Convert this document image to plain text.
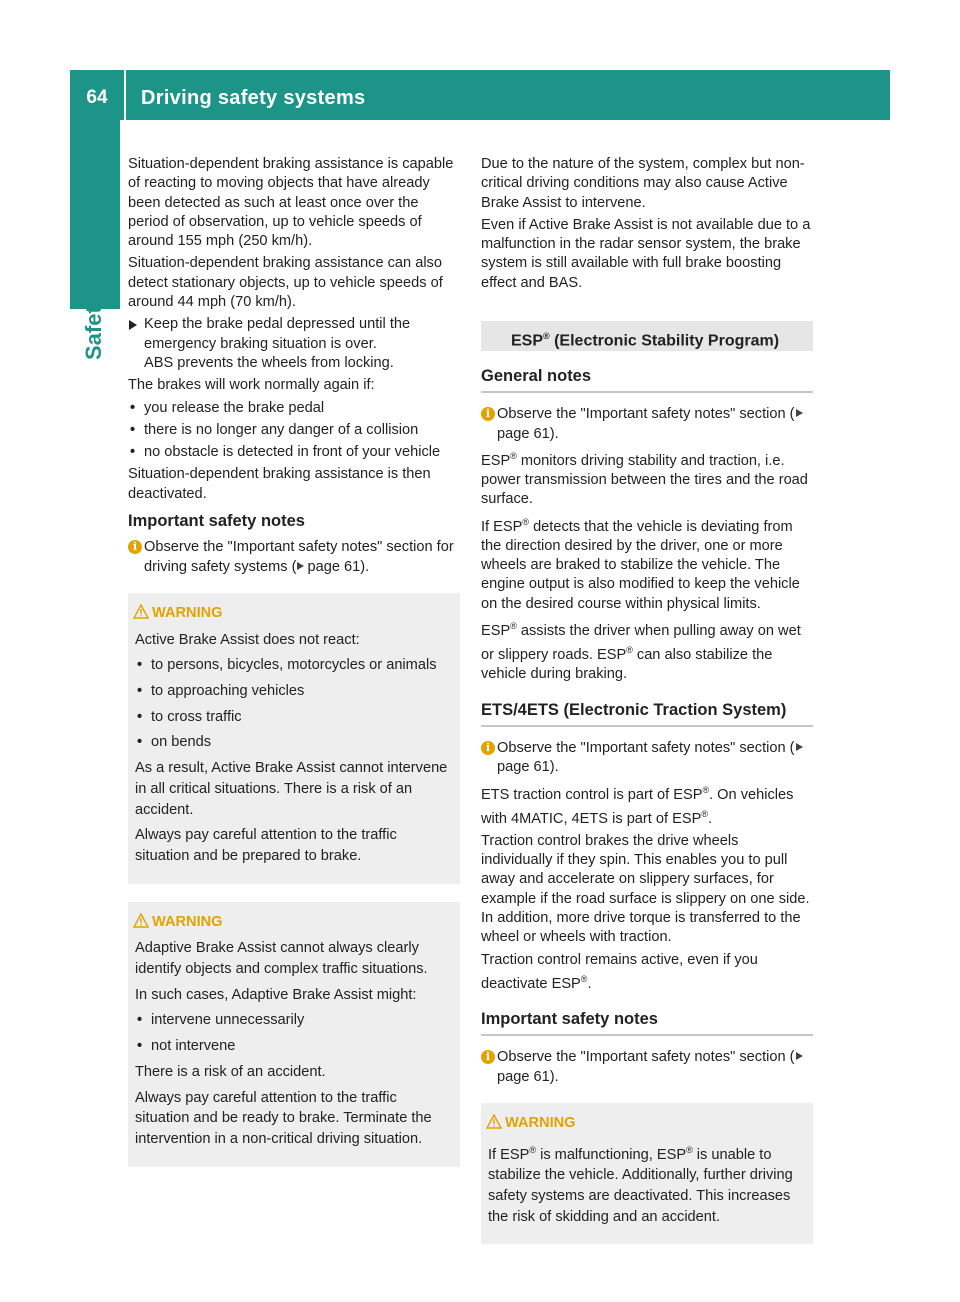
64	Driving safety systems
Safety

Situation-dependent braking assistance is capable of reacting to moving objects that have already been detected as such at least once over the period of observation, up to vehicle speeds of around 155 mph (250 km/h).

Situation-dependent braking assistance can also detect stationary objects, up to vehicle speeds of around 44 mph (70 km/h).

Keep the brake pedal depressed until the emergency braking situation is over.
ABS prevents the wheels from locking.

The brakes will work normally again if:

• you release the brake pedal
• there is no longer any danger of a collision
• no obstacle is detected in front of your vehicle

Situation-dependent braking assistance is then deactivated.

Important safety notes
i Observe the "Important safety notes" section for driving safety systems ( page 61).
WARNING

Active Brake Assist does not react:

• to persons, bicycles, motorcycles or animals
• to approaching vehicles
• to cross traffic
• on bends

As a result, Active Brake Assist cannot intervene in all critical situations. There is a risk of an accident.

Always pay careful attention to the traffic situation and be prepared to brake.

WARNING

Adaptive Brake Assist cannot always clearly identify objects and complex traffic situations.

In such cases, Adaptive Brake Assist might:

• intervene unnecessarily
• not intervene

There is a risk of an accident.

Always pay careful attention to the traffic situation and be ready to brake. Terminate the intervention in a non-critical driving situation.

Due to the nature of the system, complex but non-critical driving conditions may also cause Active Brake Assist to intervene.

Even if Active Brake Assist is not available due to a malfunction in the radar sensor system, the brake system is still available with full brake boosting effect and BAS.

ESP® (Electronic Stability Program)
General notes
i Observe the "Important safety notes" section (page 61).

ESP® monitors driving stability and traction, i.e. power transmission between the tires and the road surface.

If ESP® detects that the vehicle is deviating from the direction desired by the driver, one or more wheels are braked to stabilize the vehicle. The engine output is also modified to keep the vehicle on the desired course within physical limits.

ESP® assists the driver when pulling away on wet or slippery roads. ESP® can also stabilize the vehicle during braking.

ETS/4ETS (Electronic Traction System)
i Observe the "Important safety notes" section (page 61).

ETS traction control is part of ESP®. On vehicles with 4MATIC, 4ETS is part of ESP®.

Traction control brakes the drive wheels individually if they spin. This enables you to pull away and accelerate on slippery surfaces, for example if the road surface is slippery on one side. In addition, more drive torque is transferred to the wheel or wheels with traction.

Traction control remains active, even if you deactivate ESP®.

Important safety notes
i Observe the "Important safety notes" section (page 61).
WARNING

If ESP® is malfunctioning, ESP® is unable to stabilize the vehicle. Additionally, further driving safety systems are deactivated. This increases the risk of skidding and an accident.
